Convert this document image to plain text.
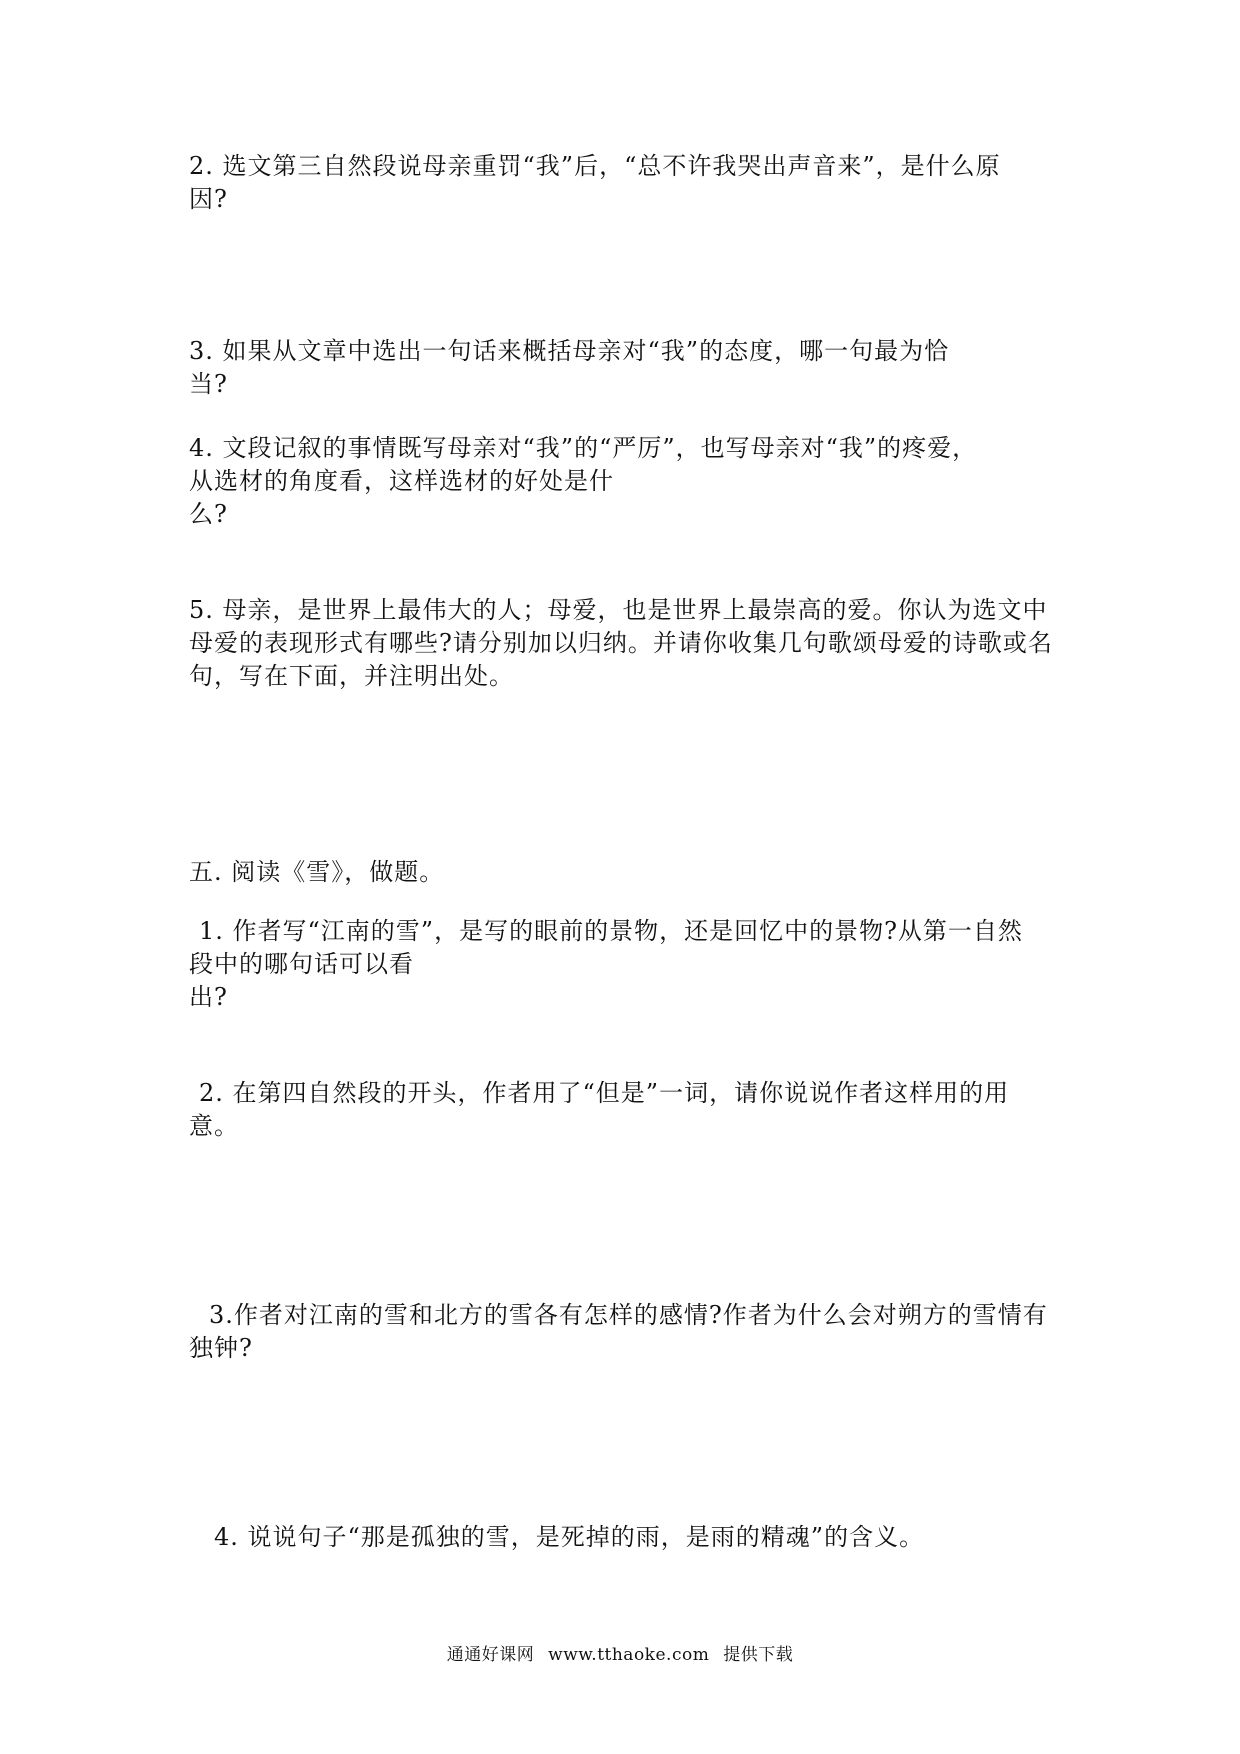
2. 选文第三自然段说母亲重罚“我”后，“总不许我哭出声音来”，是什么原
因?
3. 如果从文章中选出一句话来概括母亲对“我”的态度，哪一句最为恰
当?
4. 文段记叙的事情既写母亲对“我”的“严厉”，也写母亲对“我”的疼爱，
从选材的角度看，这样选材的好处是什
么?
5. 母亲，是世界上最伟大的人；母爱，也是世界上最崇高的爱。你认为选文中
母爱的表现形式有哪些?请分别加以归纳。并请你收集几句歌颂母爱的诗歌或名
句，写在下面，并注明出处。
五. 阅读《雪》，做题。
1. 作者写“江南的雪”，是写的眼前的景物，还是回忆中的景物?从第一自然
段中的哪句话可以看
出?
2. 在第四自然段的开头，作者用了“但是”一词，请你说说作者这样用的用
意。
3.作者对江南的雪和北方的雪各有怎样的感情?作者为什么会对朔方的雪情有
独钟?
4. 说说句子“那是孤独的雪，是死掉的雨，是雨的精魂”的含义。
通通好课网 www.tthaoke.com 提供下载
